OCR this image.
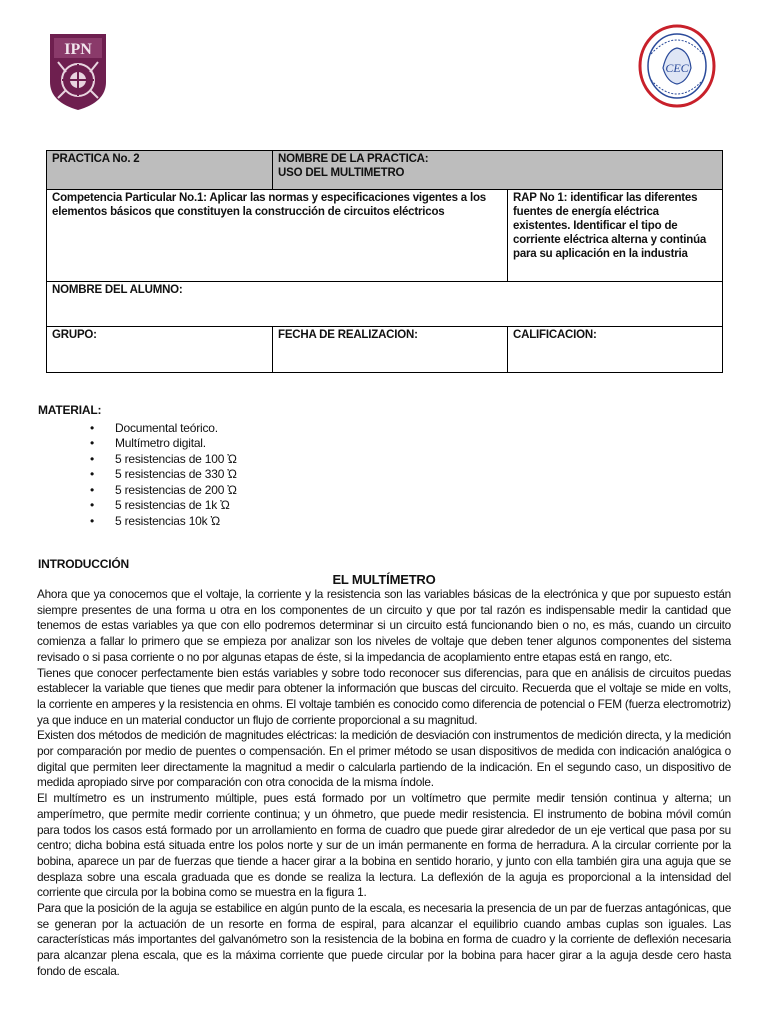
IPN
CEC
PRACTICA No. 2	NOMBRE DE LA PRACTICA:
USO DEL MULTIMETRO	

Competencia Particular No.1: Aplicar las normas y especificaciones vigentes a los elementos básicos que constituyen la construcción de circuitos eléctricos		RAP No 1: identificar las diferentes fuentes de energía eléctrica existentes. Identificar el tipo de corriente eléctrica alterna y continúa para su aplicación en la industria
NOMBRE DEL ALUMNO:		
GRUPO:	FECHA DE REALIZACION:	CALIFICACION:
MATERIAL:
• Documental teórico.
• Multímetro digital.
• 5 resistencias de 100 Ὠ
• 5 resistencias de 330 Ὠ
• 5 resistencias de 200 Ὠ
• 5 resistencias de 1k Ὠ
• 5 resistencias 10k Ὠ
INTRODUCCIÓN
EL MULTÍMETRO

Ahora que ya conocemos que el voltaje, la corriente y la resistencia son las variables básicas de la electrónica y que por supuesto están siempre presentes de una forma u otra en los componentes de un circuito y que por tal razón es indispensable medir la cantidad que tenemos de estas variables ya que con ello podremos determinar si un circuito está funcionando bien o no, es más, cuando un circuito comienza a fallar lo primero que se empieza por analizar son los niveles de voltaje que deben tener algunos componentes del sistema revisado o si pasa corriente o no por algunas etapas de éste, si la impedancia de acoplamiento entre etapas está en rango, etc.

Tienes que conocer perfectamente bien estás variables y sobre todo reconocer sus diferencias, para que en análisis de circuitos puedas establecer la variable que tienes que medir para obtener la información que buscas del circuito. Recuerda que el voltaje se mide en volts, la corriente en amperes y la resistencia en ohms. El voltaje también es conocido como diferencia de potencial o FEM (fuerza electromotriz) ya que induce en un material conductor un flujo de corriente proporcional a su magnitud.

Existen dos métodos de medición de magnitudes eléctricas: la medición de desviación con instrumentos de medición directa, y la medición por comparación por medio de puentes o compensación. En el primer método se usan dispositivos de medida con indicación analógica o digital que permiten leer directamente la magnitud a medir o calcularla partiendo de la indicación. En el segundo caso, un dispositivo de medida apropiado sirve por comparación con otra conocida de la misma índole.

El multímetro es un instrumento múltiple, pues está formado por un voltímetro que permite medir tensión continua y alterna; un amperímetro, que permite medir corriente continua; y un óhmetro, que puede medir resistencia. El instrumento de bobina móvil común para todos los casos está formado por un arrollamiento en forma de cuadro que puede girar alrededor de un eje vertical que pasa por su centro; dicha bobina está situada entre los polos norte y sur de un imán permanente en forma de herradura. A la circular corriente por la bobina, aparece un par de fuerzas que tiende a hacer girar a la bobina en sentido horario, y junto con ella también gira una aguja que se desplaza sobre una escala graduada que es donde se realiza la lectura. La deflexión de la aguja es proporcional a la intensidad del corriente que circula por la bobina como se muestra en la figura 1.

Para que la posición de la aguja se estabilice en algún punto de la escala, es necesaria la presencia de un par de fuerzas antagónicas, que se generan por la actuación de un resorte en forma de espiral, para alcanzar el equilibrio cuando ambas cuplas son iguales. Las características más importantes del galvanómetro son la resistencia de la bobina en forma de cuadro y la corriente de deflexión necesaria para alcanzar plena escala, que es la máxima corriente que puede circular por la bobina para hacer girar a la aguja desde cero hasta fondo de escala.
